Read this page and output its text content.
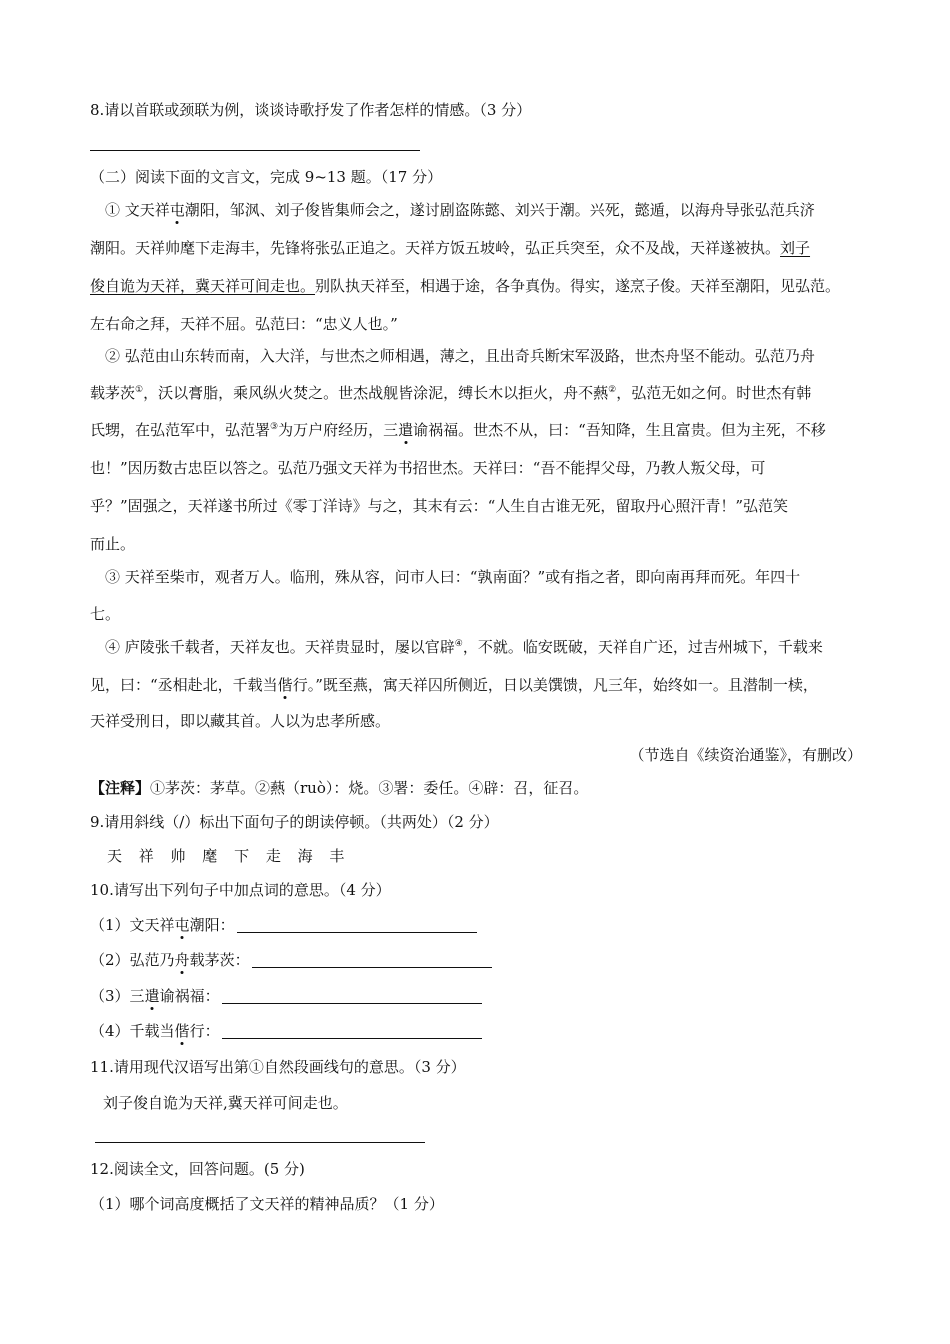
8.请以首联或颈联为例，谈谈诗歌抒发了作者怎样的情感。（3 分）
（二）阅读下面的文言文，完成 9~13 题。（17 分）
① 文天祥屯潮阳，邹沨、刘子俊皆集师会之，遂讨剧盗陈懿、刘兴于潮。兴死，懿遁，以海舟导张弘范兵济
潮阳。天祥帅麾下走海丰，先锋将张弘正追之。天祥方饭五坡岭，弘正兵突至，众不及战，天祥遂被执。刘子
俊自诡为天祥，冀天祥可间走也。别队执天祥至，相遇于途，各争真伪。得实，遂烹子俊。天祥至潮阳，见弘范。
左右命之拜，天祥不屈。弘范曰：“忠义人也。”
② 弘范由山东转而南，入大洋，与世杰之师相遇，薄之，且出奇兵断宋军汲路，世杰舟坚不能动。弘范乃舟
载茅茨①，沃以膏脂，乘风纵火焚之。世杰战舰皆涂泥，缚长木以拒火，舟不爇②，弘范无如之何。时世杰有韩
氏甥，在弘范军中，弘范署③为万户府经历，三遣谕祸福。世杰不从，曰：“吾知降，生且富贵。但为主死，不移
也！”因历数古忠臣以答之。弘范乃强文天祥为书招世杰。天祥曰：“吾不能捍父母，乃教人叛父母，可
乎？”固强之，天祥遂书所过《零丁洋诗》与之，其末有云：“人生自古谁无死，留取丹心照汗青！”弘范笑
而止。
③ 天祥至柴市，观者万人。临刑，殊从容，问市人曰：“孰南面？”或有指之者，即向南再拜而死。年四十
七。
④ 庐陵张千载者，天祥友也。天祥贵显时，屡以官辟④，不就。临安既破，天祥自广还，过吉州城下，千载来
见，曰：“丞相赴北，千载当偕行。”既至燕，寓天祥囚所侧近，日以美馔馈，凡三年，始终如一。且潜制一椟，
天祥受刑日，即以藏其首。人以为忠孝所感。
（节选自《续资治通鉴》，有删改）
【注释】①茅茨：茅草。②爇（ruò）：烧。③署：委任。④辟：召，征召。
9.请用斜线（/）标出下面句子的朗读停顿。（共两处）（2 分）
天 祥 帅 麾 下 走 海 丰
10.请写出下列句子中加点词的意思。（4 分）
（1）文天祥屯潮阳：
（2）弘范乃舟载茅茨：
（3）三遣谕祸福：
（4）千载当偕行：
11.请用现代汉语写出第①自然段画线句的意思。（3 分）
刘子俊自诡为天祥,冀天祥可间走也。
12.阅读全文，回答问题。(5 分)
（1）哪个词高度概括了文天祥的精神品质？（1 分）
